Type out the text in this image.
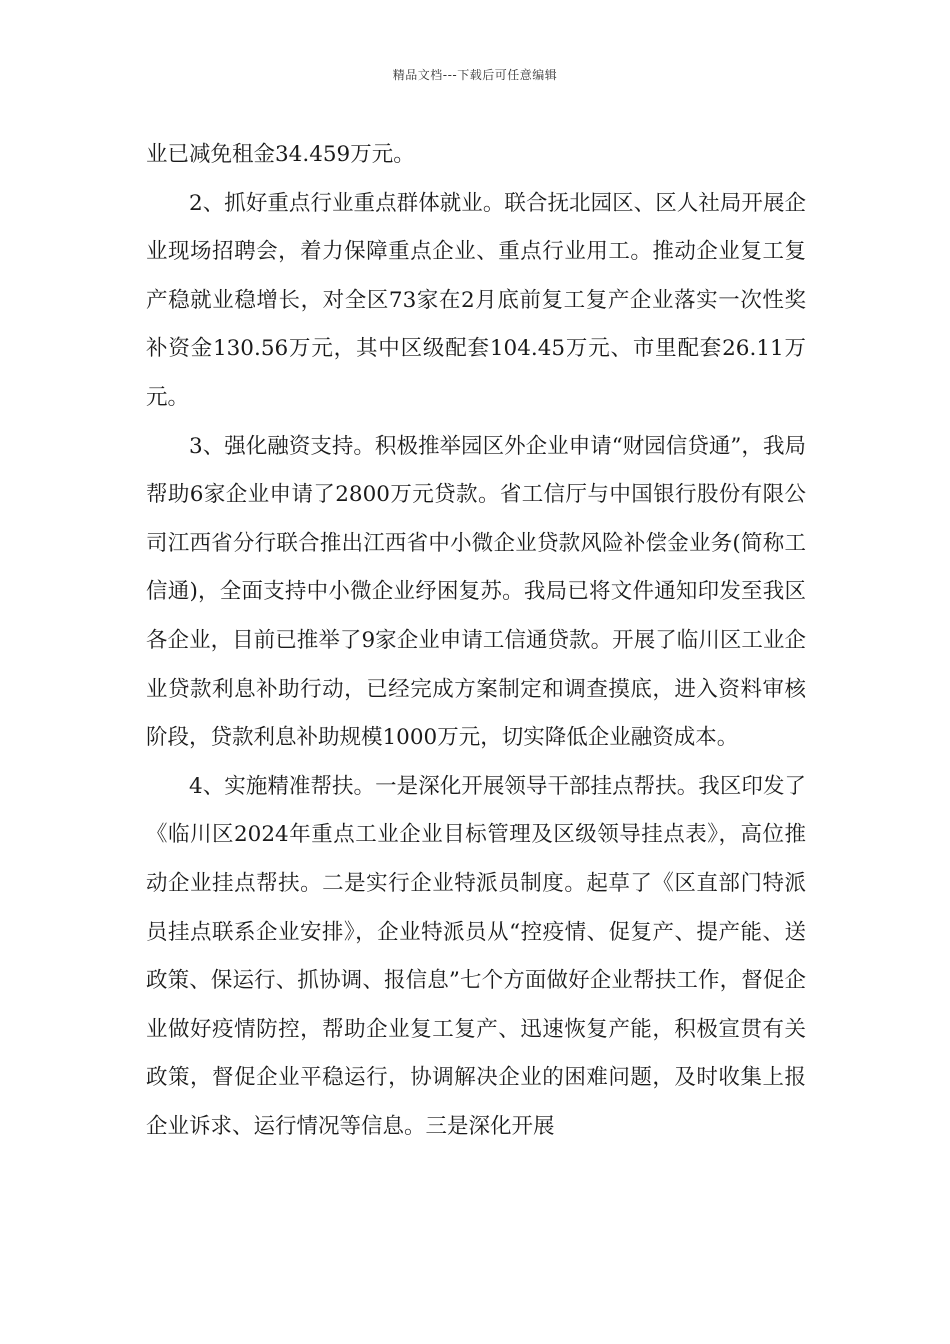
精品文档---下载后可任意编辑

业已减免租金34.459万元。

2、抓好重点行业重点群体就业。联合抚北园区、区人社局开展企业现场招聘会，着力保障重点企业、重点行业用工。推动企业复工复产稳就业稳增长，对全区73家在2月底前复工复产企业落实一次性奖补资金130.56万元，其中区级配套104.45万元、市里配套26.11万元。

3、强化融资支持。积极推举园区外企业申请“财园信贷通”，我局帮助6家企业申请了2800万元贷款。省工信厅与中国银行股份有限公司江西省分行联合推出江西省中小微企业贷款风险补偿金业务(简称工信通)，全面支持中小微企业纾困复苏。我局已将文件通知印发至我区各企业，目前已推举了9家企业申请工信通贷款。开展了临川区工业企业贷款利息补助行动，已经完成方案制定和调查摸底，进入资料审核阶段，贷款利息补助规模1000万元，切实降低企业融资成本。

4、实施精准帮扶。一是深化开展领导干部挂点帮扶。我区印发了《临川区2024年重点工业企业目标管理及区级领导挂点表》，高位推动企业挂点帮扶。二是实行企业特派员制度。起草了《区直部门特派员挂点联系企业安排》，企业特派员从“控疫情、促复产、提产能、送政策、保运行、抓协调、报信息”七个方面做好企业帮扶工作，督促企业做好疫情防控，帮助企业复工复产、迅速恢复产能，积极宣贯有关政策，督促企业平稳运行，协调解决企业的困难问题，及时收集上报企业诉求、运行情况等信息。三是深化开展
